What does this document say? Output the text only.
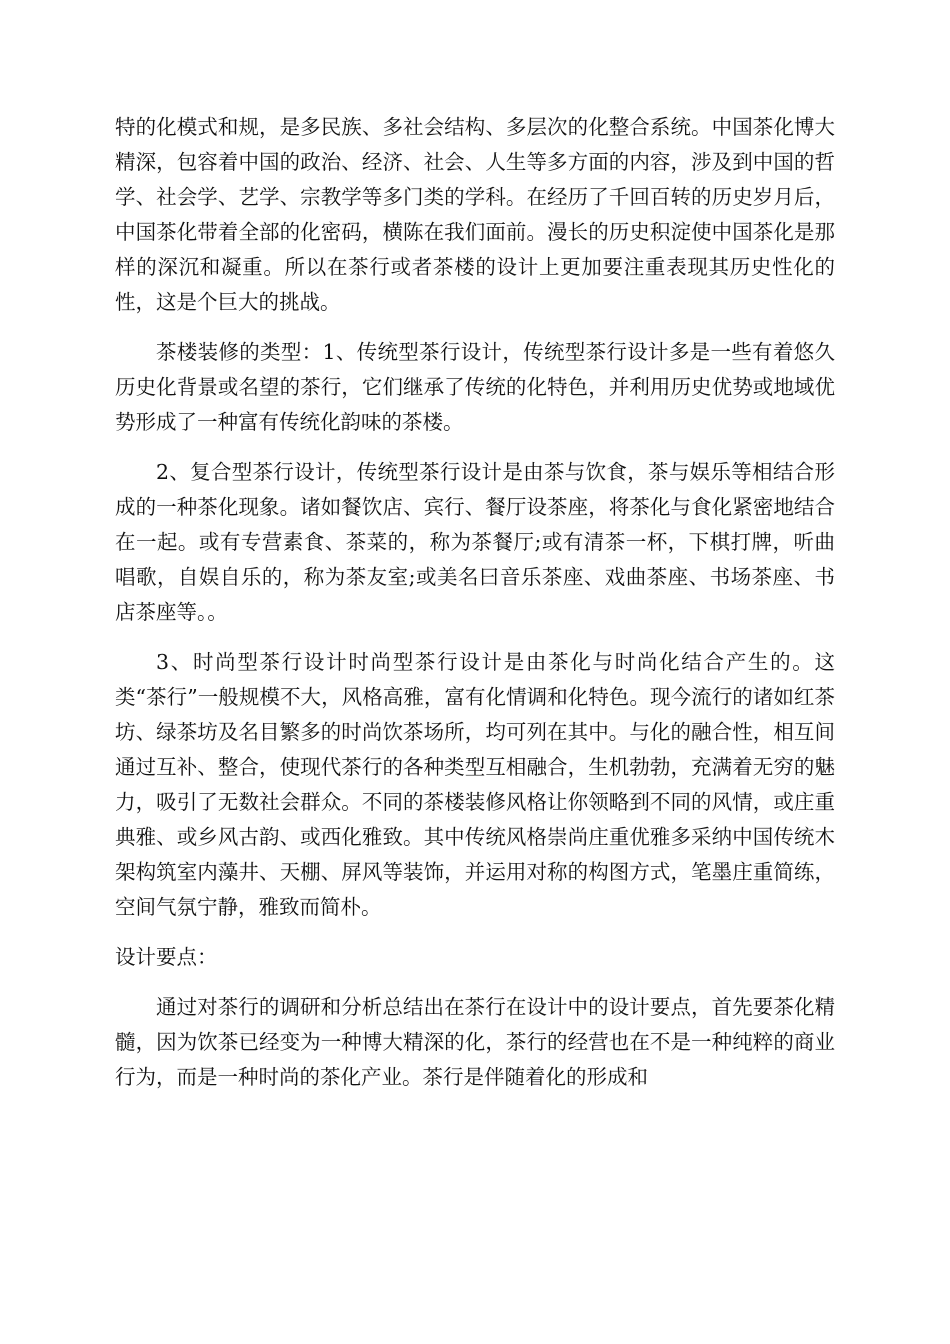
特的化模式和规，是多民族、多社会结构、多层次的化整合系统。中国茶化博大精深，包容着中国的政治、经济、社会、人生等多方面的内容，涉及到中国的哲学、社会学、艺学、宗教学等多门类的学科。在经历了千回百转的历史岁月后，中国茶化带着全部的化密码，横陈在我们面前。漫长的历史积淀使中国茶化是那样的深沉和凝重。所以在茶行或者茶楼的设计上更加要注重表现其历史性化的性，这是个巨大的挑战。

茶楼装修的类型：1、传统型茶行设计，传统型茶行设计多是一些有着悠久历史化背景或名望的茶行，它们继承了传统的化特色，并利用历史优势或地域优势形成了一种富有传统化韵味的茶楼。

2、复合型茶行设计，传统型茶行设计是由茶与饮食，茶与娱乐等相结合形成的一种茶化现象。诸如餐饮店、宾行、餐厅设茶座，将茶化与食化紧密地结合在一起。或有专营素食、茶菜的，称为茶餐厅;或有清茶一杯，下棋打牌，听曲唱歌，自娱自乐的，称为茶友室;或美名曰音乐茶座、戏曲茶座、书场茶座、书店茶座等。。

3、时尚型茶行设计时尚型茶行设计是由茶化与时尚化结合产生的。这类“茶行”一般规模不大，风格高雅，富有化情调和化特色。现今流行的诸如红茶坊、绿茶坊及名目繁多的时尚饮茶场所，均可列在其中。与化的融合性，相互间通过互补、整合，使现代茶行的各种类型互相融合，生机勃勃，充满着无穷的魅力，吸引了无数社会群众。不同的茶楼装修风格让你领略到不同的风情，或庄重典雅、或乡风古韵、或西化雅致。其中传统风格崇尚庄重优雅多采纳中国传统木架构筑室内藻井、天棚、屏风等装饰，并运用对称的构图方式，笔墨庄重简练，空间气氛宁静，雅致而简朴。

设计要点：

通过对茶行的调研和分析总结出在茶行在设计中的设计要点，首先要茶化精髓，因为饮茶已经变为一种博大精深的化，茶行的经营也在不是一种纯粹的商业行为，而是一种时尚的茶化产业。茶行是伴随着化的形成和
